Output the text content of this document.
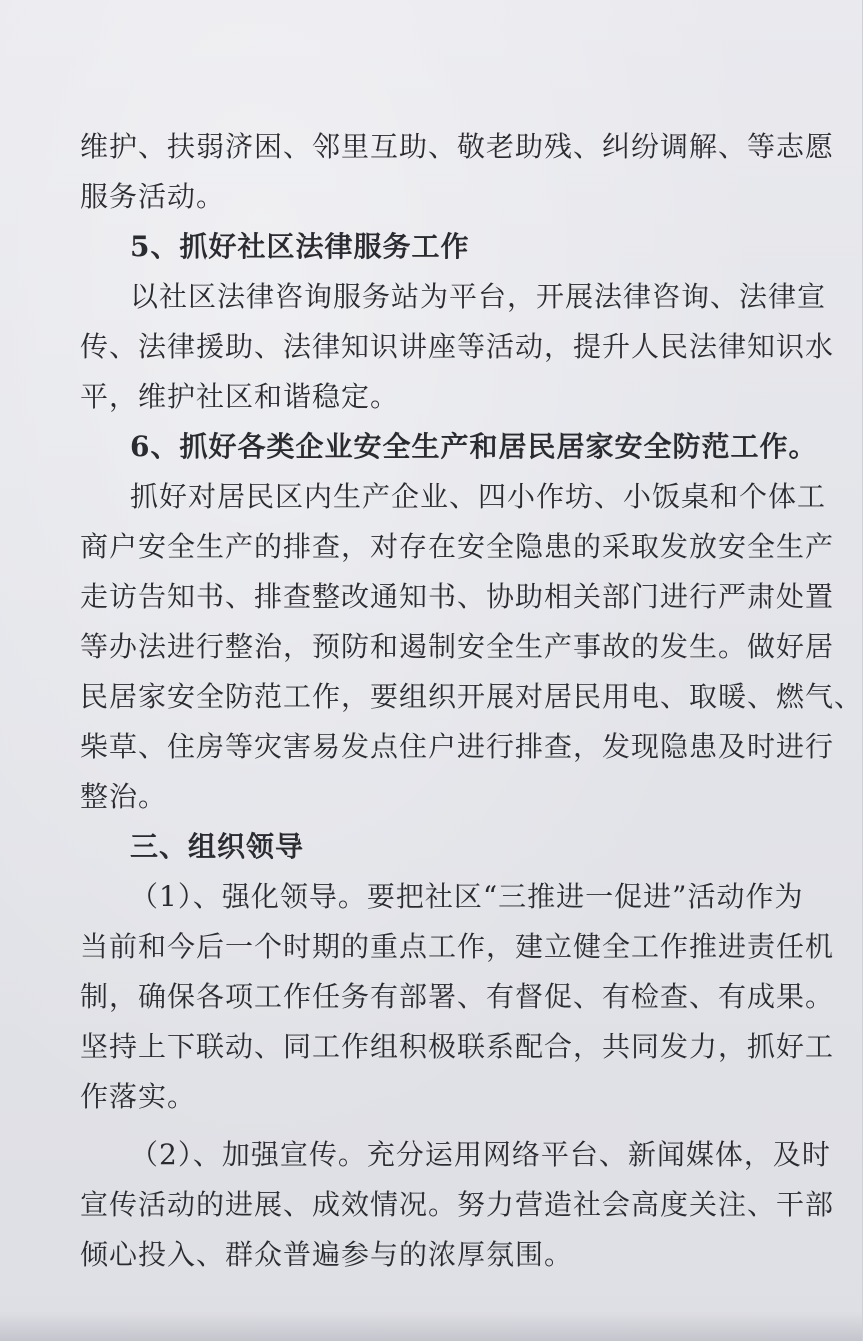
维护、扶弱济困、邻里互助、敬老助残、纠纷调解、等志愿
服务活动。
5、抓好社区法律服务工作
以社区法律咨询服务站为平台，开展法律咨询、法律宣
传、法律援助、法律知识讲座等活动，提升人民法律知识水
平，维护社区和谐稳定。
6、抓好各类企业安全生产和居民居家安全防范工作。
抓好对居民区内生产企业、四小作坊、小饭桌和个体工
商户安全生产的排查，对存在安全隐患的采取发放安全生产
走访告知书、排查整改通知书、协助相关部门进行严肃处置
等办法进行整治，预防和遏制安全生产事故的发生。做好居
民居家安全防范工作，要组织开展对居民用电、取暖、燃气、
柴草、住房等灾害易发点住户进行排查，发现隐患及时进行
整治。
三、组织领导
（1）、强化领导。要把社区“三推进一促进”活动作为
当前和今后一个时期的重点工作，建立健全工作推进责任机
制，确保各项工作任务有部署、有督促、有检查、有成果。
坚持上下联动、同工作组积极联系配合，共同发力，抓好工
作落实。
（2）、加强宣传。充分运用网络平台、新闻媒体，及时
宣传活动的进展、成效情况。努力营造社会高度关注、干部
倾心投入、群众普遍参与的浓厚氛围。
